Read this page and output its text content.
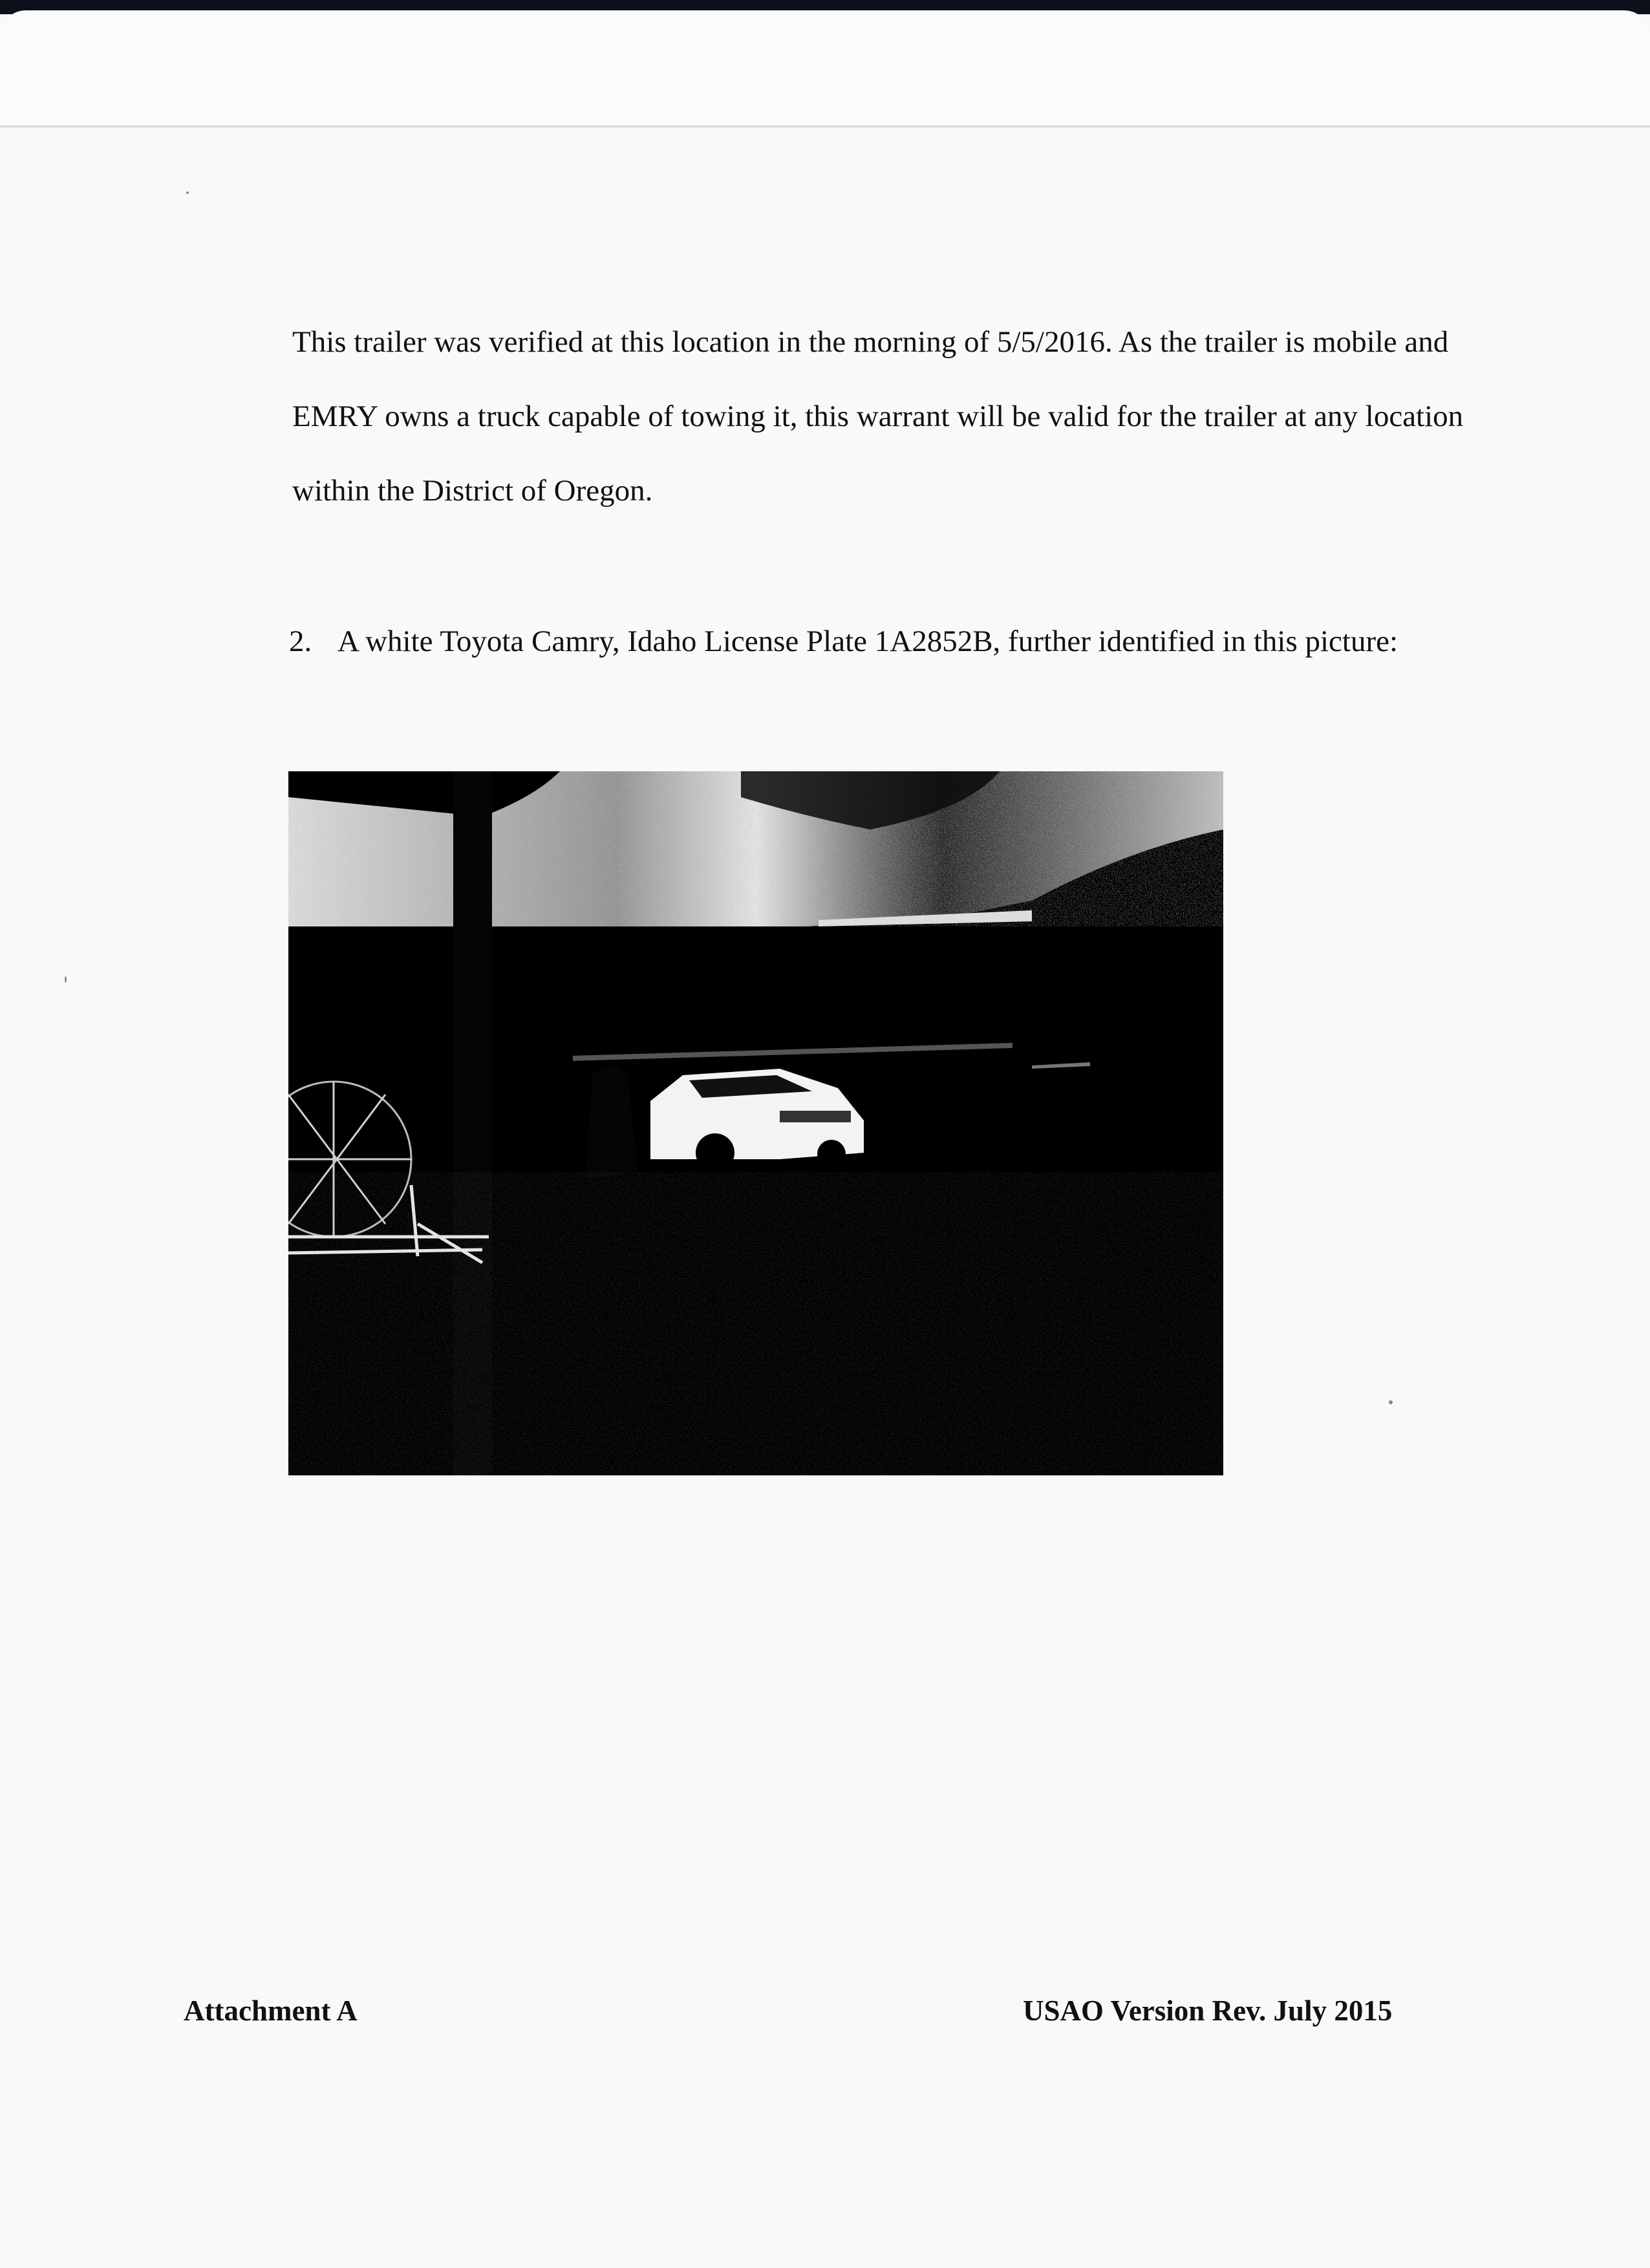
This trailer was verified at this location in the morning of 5/5/2016. As the trailer is mobile and EMRY owns a truck capable of towing it, this warrant will be valid for the trailer at any location within the District of Oregon.

2. A white Toyota Camry, Idaho License Plate 1A2852B, further identified in this picture:
Attachment A	USAO Version Rev. July 2015
